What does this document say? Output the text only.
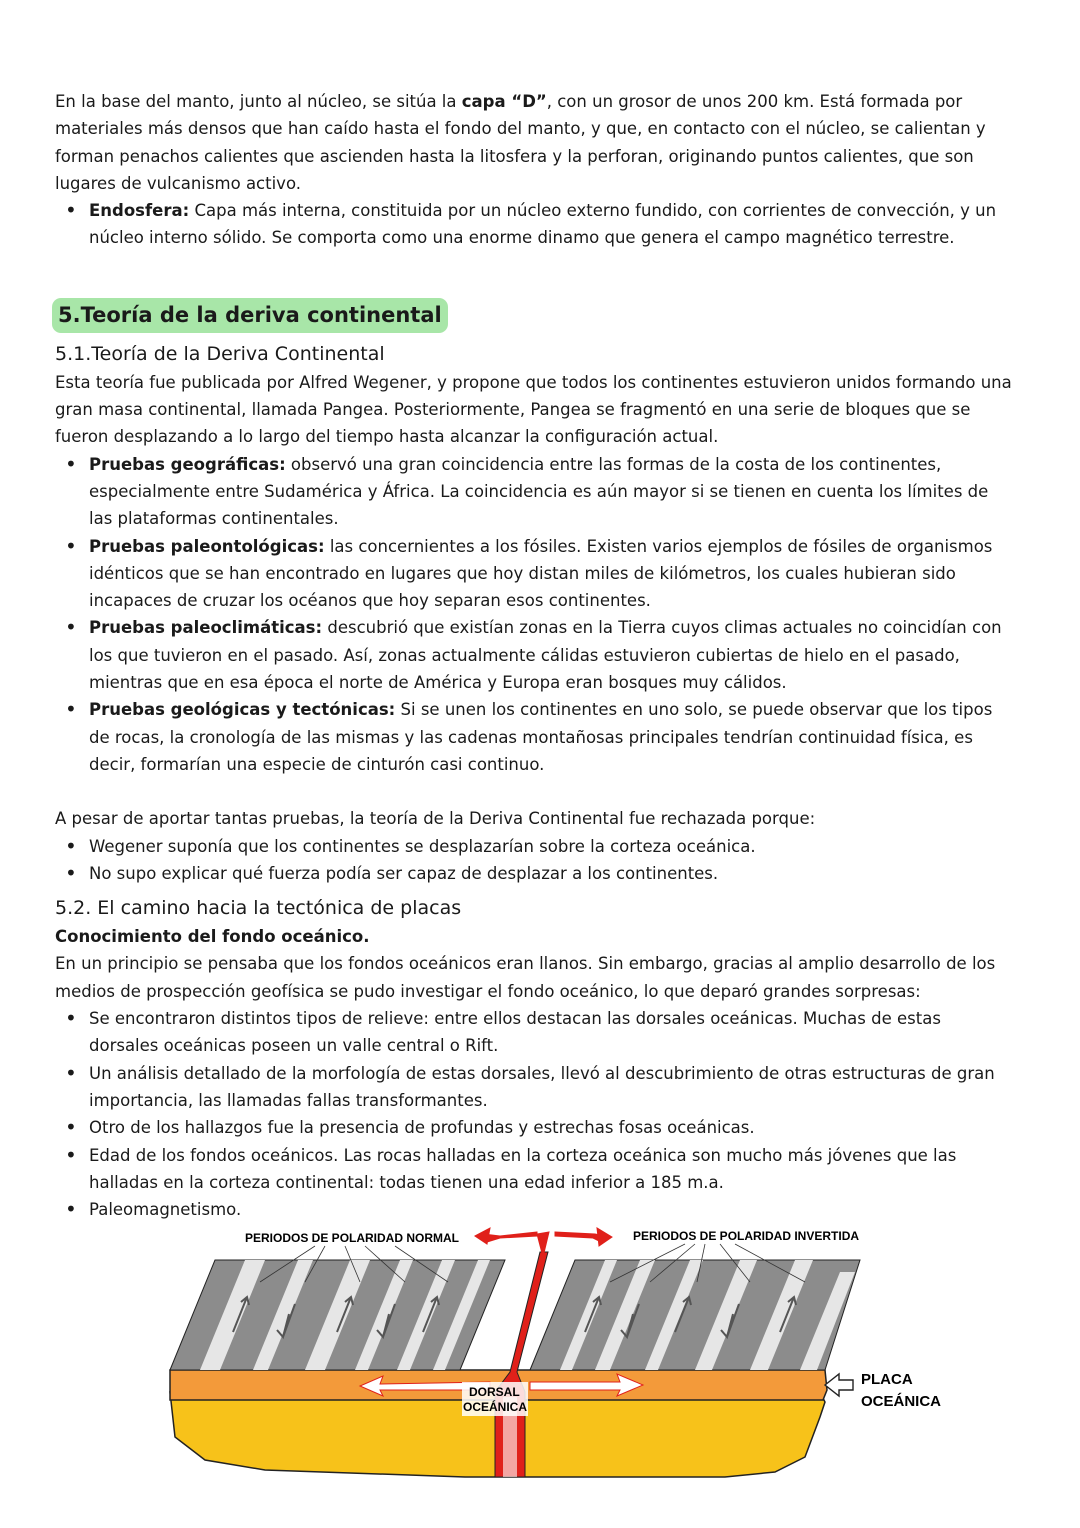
En la base del manto, junto al núcleo, se sitúa la capa “D”, con un grosor de unos 200 km. Está formada por materiales más densos que han caído hasta el fondo del manto, y que, en contacto con el núcleo, se calientan y forman penachos calientes que ascienden hasta la litosfera y la perforan, originando puntos calientes, que son lugares de vulcanismo activo.

• Endosfera: Capa más interna, constituida por un núcleo externo fundido, con corrientes de convección, y un núcleo interno sólido. Se comporta como una enorme dinamo que genera el campo magnético terrestre.
5.Teoría de la deriva continental

5.1.Teoría de la Deriva Continental

Esta teoría fue publicada por Alfred Wegener, y propone que todos los continentes estuvieron unidos formando una gran masa continental, llamada Pangea. Posteriormente, Pangea se fragmentó en una serie de bloques que se fueron desplazando a lo largo del tiempo hasta alcanzar la configuración actual.

• Pruebas geográficas: observó una gran coincidencia entre las formas de la costa de los continentes, especialmente entre Sudamérica y África. La coincidencia es aún mayor si se tienen en cuenta los límites de las plataformas continentales.
• Pruebas paleontológicas: las concernientes a los fósiles. Existen varios ejemplos de fósiles de organismos idénticos que se han encontrado en lugares que hoy distan miles de kilómetros, los cuales hubieran sido incapaces de cruzar los océanos que hoy separan esos continentes.
• Pruebas paleoclimáticas: descubrió que existían zonas en la Tierra cuyos climas actuales no coincidían con los que tuvieron en el pasado. Así, zonas actualmente cálidas estuvieron cubiertas de hielo en el pasado, mientras que en esa época el norte de América y Europa eran bosques muy cálidos.
• Pruebas geológicas y tectónicas: Si se unen los continentes en uno solo, se puede observar que los tipos de rocas, la cronología de las mismas y las cadenas montañosas principales tendrían continuidad física, es decir, formarían una especie de cinturón casi continuo.

A pesar de aportar tantas pruebas, la teoría de la Deriva Continental fue rechazada porque:

• Wegener suponía que los continentes se desplazarían sobre la corteza oceánica.
• No supo explicar qué fuerza podía ser capaz de desplazar a los continentes.

5.2. El camino hacia la tectónica de placas

Conocimiento del fondo oceánico.

En un principio se pensaba que los fondos oceánicos eran llanos. Sin embargo, gracias al amplio desarrollo de los medios de prospección geofísica se pudo investigar el fondo oceánico, lo que deparó grandes sorpresas:

• Se encontraron distintos tipos de relieve: entre ellos destacan las dorsales oceánicas. Muchas de estas dorsales oceánicas poseen un valle central o Rift.
• Un análisis detallado de la morfología de estas dorsales, llevó al descubrimiento de otras estructuras de gran importancia, las llamadas fallas transformantes.
• Otro de los hallazgos fue la presencia de profundas y estrechas fosas oceánicas.
• Edad de los fondos oceánicos. Las rocas halladas en la corteza oceánica son mucho más jóvenes que las halladas en la corteza continental: todas tienen una edad inferior a 185 m.a.
• Paleomagnetismo.
PERIODOS DE POLARIDAD NORMAL	PERIODOS DE POLARIDAD INVERTIDA
DORSAL
OCEÁNICA
PLACA
OCEÁNICA
